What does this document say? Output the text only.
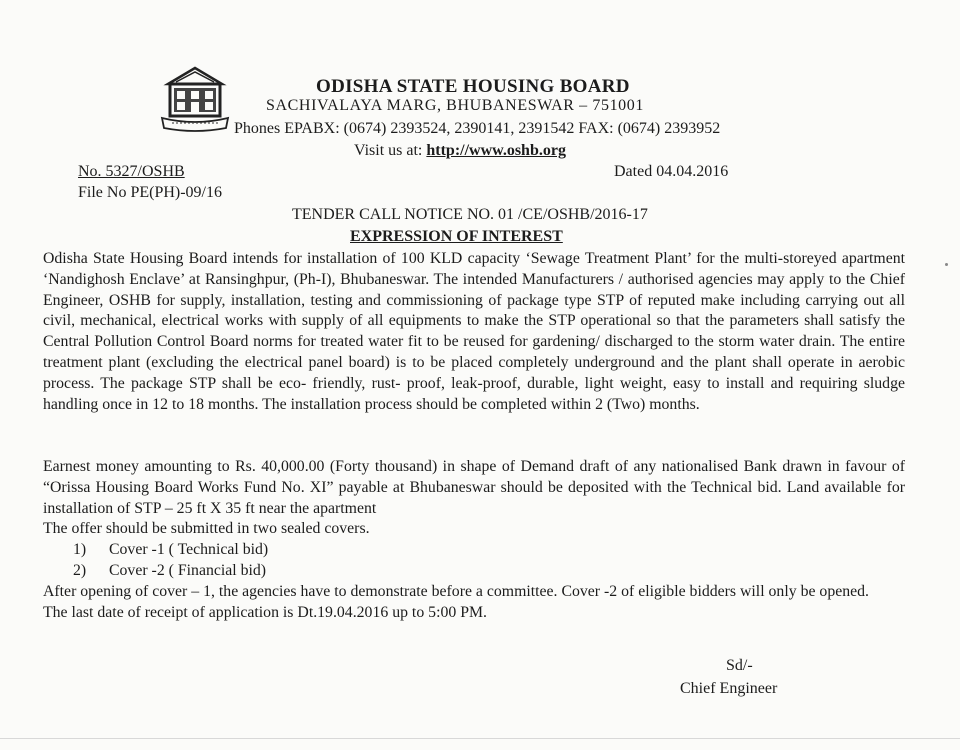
ODISHA STATE HOUSING BOARD
SACHIVALAYA MARG, BHUBANESWAR – 751001
Phones EPABX: (0674) 2393524, 2390141, 2391542 FAX: (0674) 2393952
Visit us at: http://www.oshb.org
No. 5327/OSHB
File No PE(PH)-09/16
Dated 04.04.2016
TENDER CALL NOTICE NO. 01 /CE/OSHB/2016-17
EXPRESSION OF INTEREST

Odisha State Housing Board intends for installation of 100 KLD capacity ‘Sewage Treatment Plant’ for the multi-storeyed apartment ‘Nandighosh Enclave’ at Ransinghpur, (Ph-I), Bhubaneswar. The intended Manufacturers / authorised agencies may apply to the Chief Engineer, OSHB for supply, installation, testing and commissioning of package type STP of reputed make including carrying out all civil, mechanical, electrical works with supply of all equipments to make the STP operational so that the parameters shall satisfy the Central Pollution Control Board norms for treated water fit to be reused for gardening/ discharged to the storm water drain. The entire treatment plant (excluding the electrical panel board) is to be placed completely underground and the plant shall operate in aerobic process. The package STP shall be eco- friendly, rust- proof, leak-proof, durable, light weight, easy to install and requiring sludge handling once in 12 to 18 months. The installation process should be completed within 2 (Two) months.

Earnest money amounting to Rs. 40,000.00 (Forty thousand) in shape of Demand draft of any nationalised Bank drawn in favour of “Orissa Housing Board Works Fund No. XI” payable at Bhubaneswar should be deposited with the Technical bid. Land available for installation of STP – 25 ft X 35 ft near the apartment

The offer should be submitted in two sealed covers.

1) Cover -1 ( Technical bid)

2) Cover -2 ( Financial bid)

After opening of cover – 1, the agencies have to demonstrate before a committee. Cover -2 of eligible bidders will only be opened.

The last date of receipt of application is Dt.19.04.2016 up to 5:00 PM.

Sd/-
Chief Engineer
